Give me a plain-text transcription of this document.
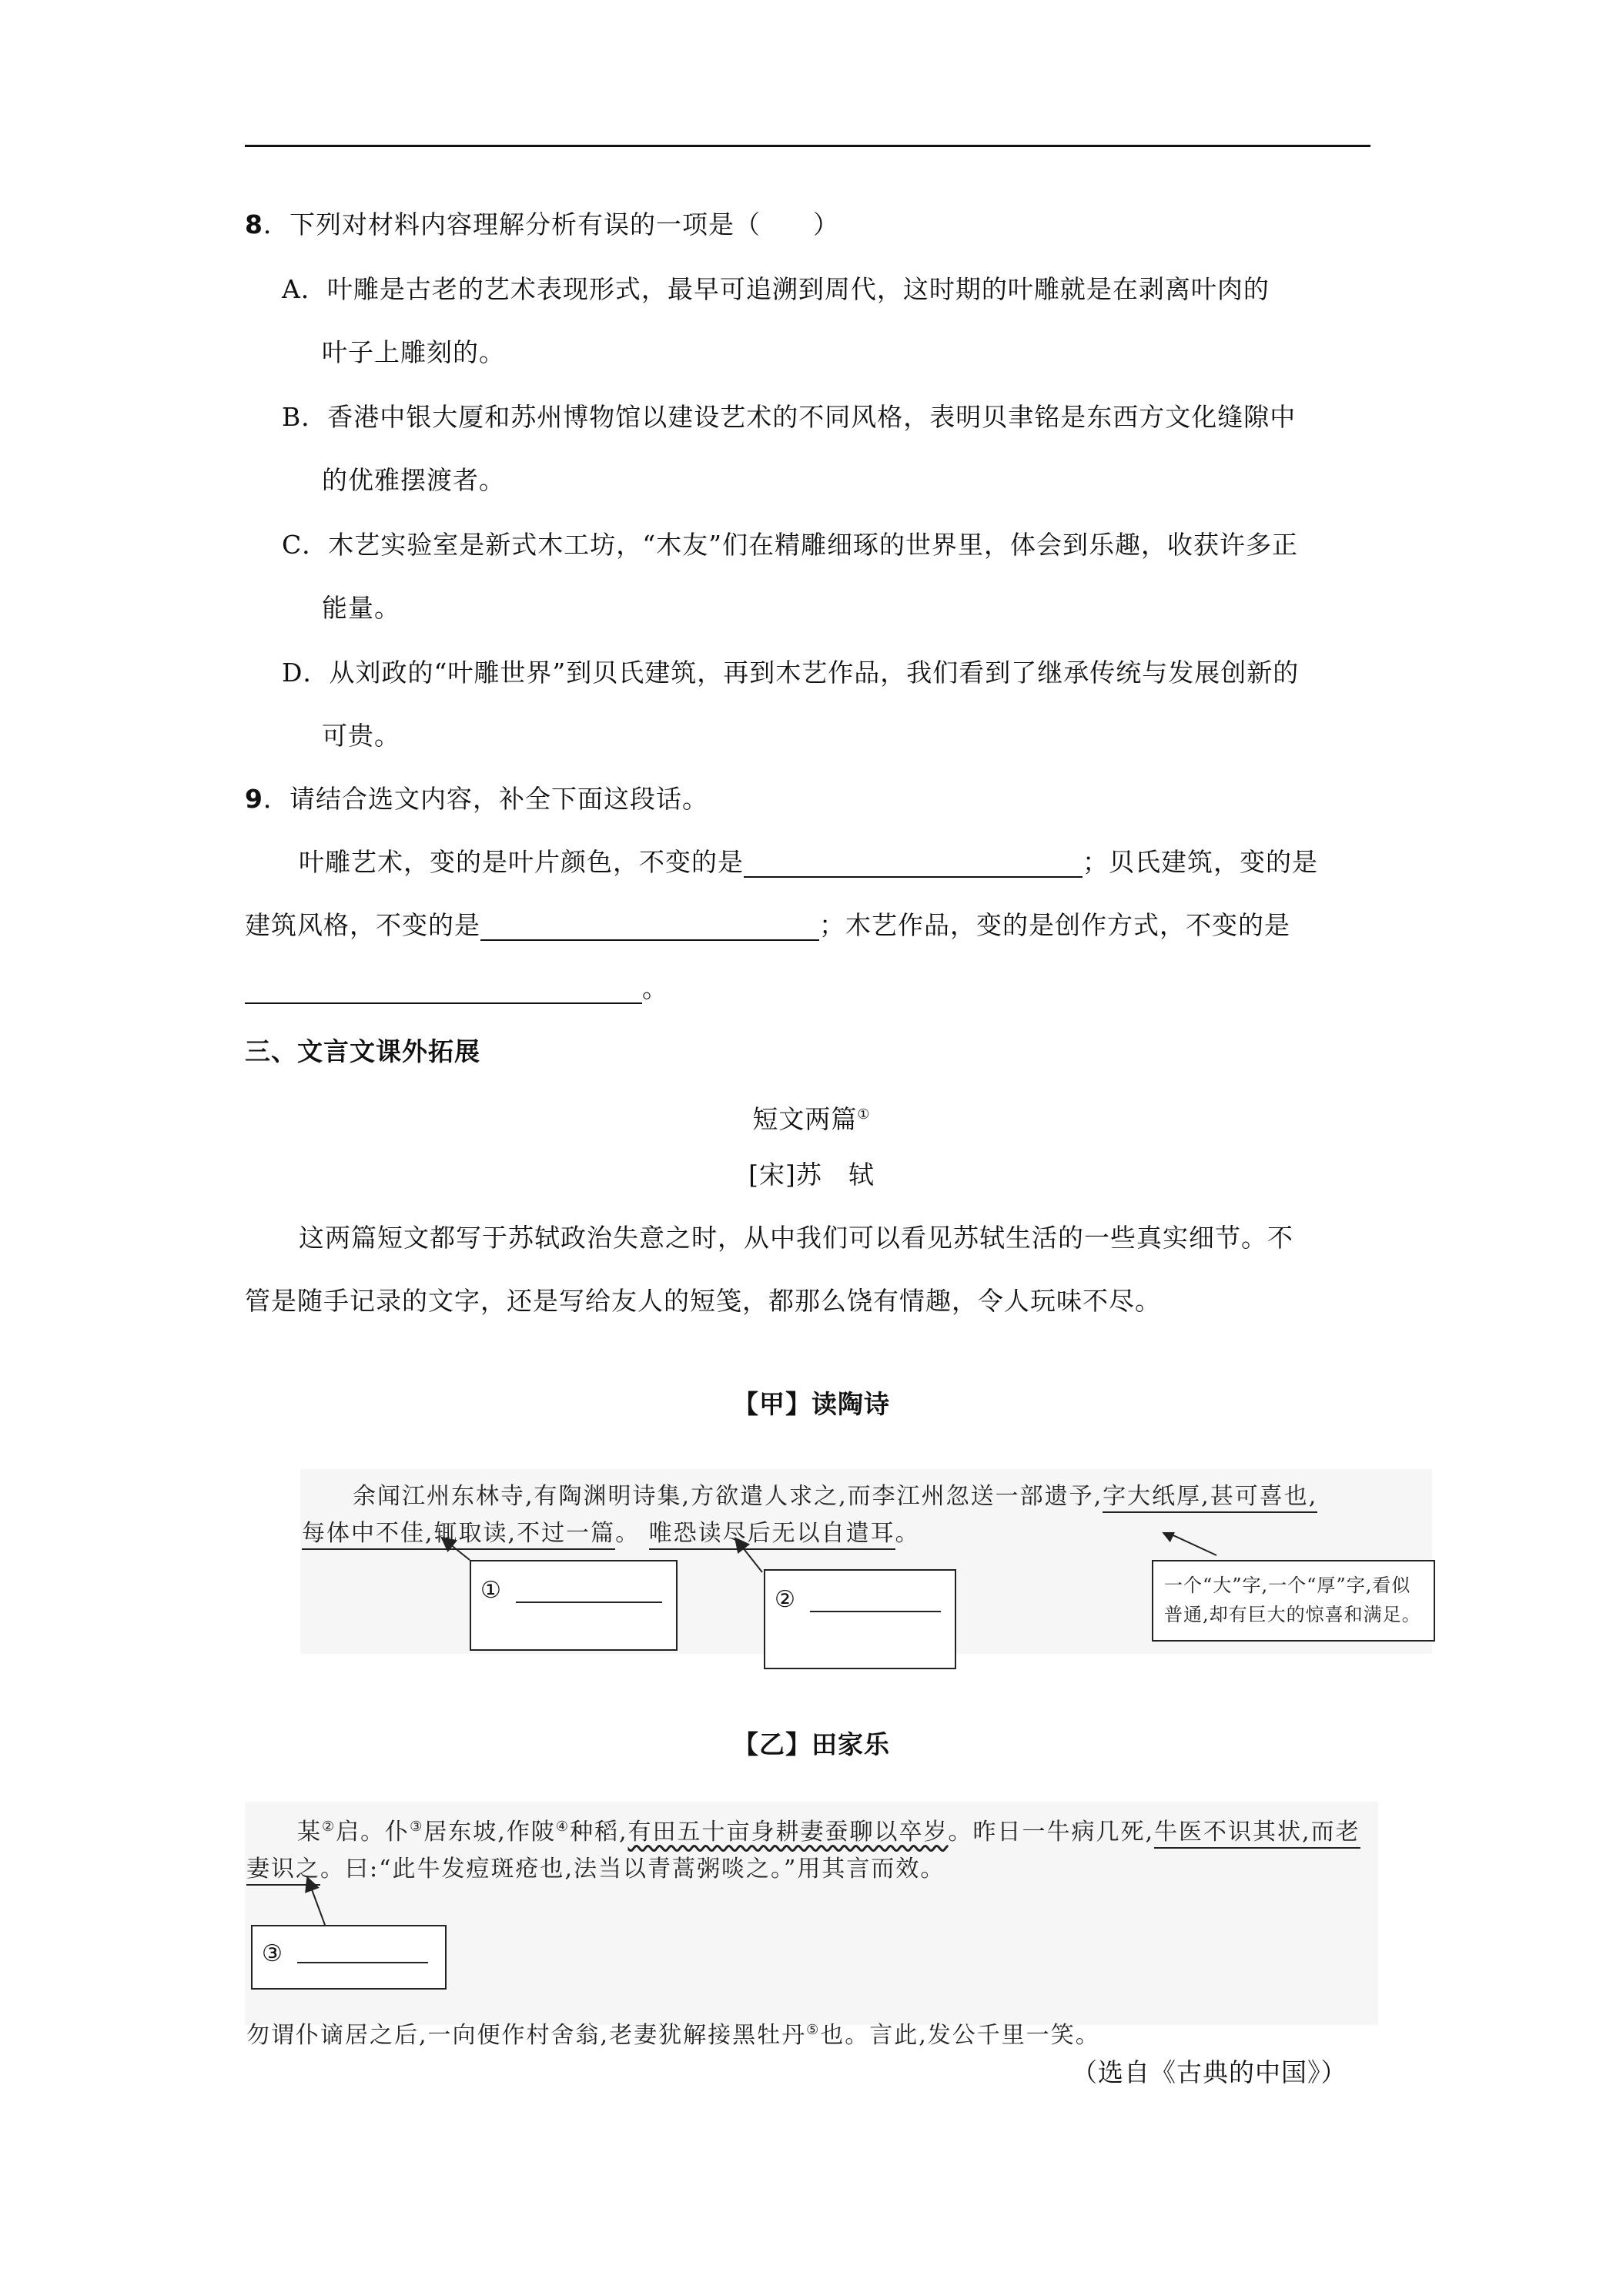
8．下列对材料内容理解分析有误的一项是（　　）
A．叶雕是古老的艺术表现形式，最早可追溯到周代，这时期的叶雕就是在剥离叶肉的
叶子上雕刻的。
B．香港中银大厦和苏州博物馆以建设艺术的不同风格，表明贝聿铭是东西方文化缝隙中
的优雅摆渡者。
C．木艺实验室是新式木工坊，“木友”们在精雕细琢的世界里，体会到乐趣，收获许多正
能量。
D．从刘政的“叶雕世界”到贝氏建筑，再到木艺作品，我们看到了继承传统与发展创新的
可贵。
9．请结合选文内容，补全下面这段话。
叶雕艺术，变的是叶片颜色，不变的是	；贝氏建筑，变的是
建筑风格，不变的是	；木艺作品，变的是创作方式，不变的是
。
三、文言文课外拓展
短文两篇①
[宋]苏　轼
这两篇短文都写于苏轼政治失意之时，从中我们可以看见苏轼生活的一些真实细节。不
管是随手记录的文字，还是写给友人的短笺，都那么饶有情趣，令人玩味不尽。
【甲】读陶诗
余闻江州东林寺,有陶渊明诗集,方欲遣人求之,而李江州忽送一部遗予,字大纸厚,甚可喜也,
每体中不佳,辄取读,不过一篇。 唯恐读尽后无以自遣耳。
①	②
一个“大”字,一个“厚”字,看似
普通,却有巨大的惊喜和满足。
【乙】田家乐
某②启。仆③居东坡,作陂④种稻,有田五十亩身耕妻蚕聊以卒岁。昨日一牛病几死,牛医不识其状,而老
妻识之。曰:“此牛发痘斑疮也,法当以青蒿粥啖之。”用其言而效。
③
勿谓仆谪居之后,一向便作村舍翁,老妻犹解接黑牡丹⑤也。言此,发公千里一笑。
（选自《古典的中国》）
